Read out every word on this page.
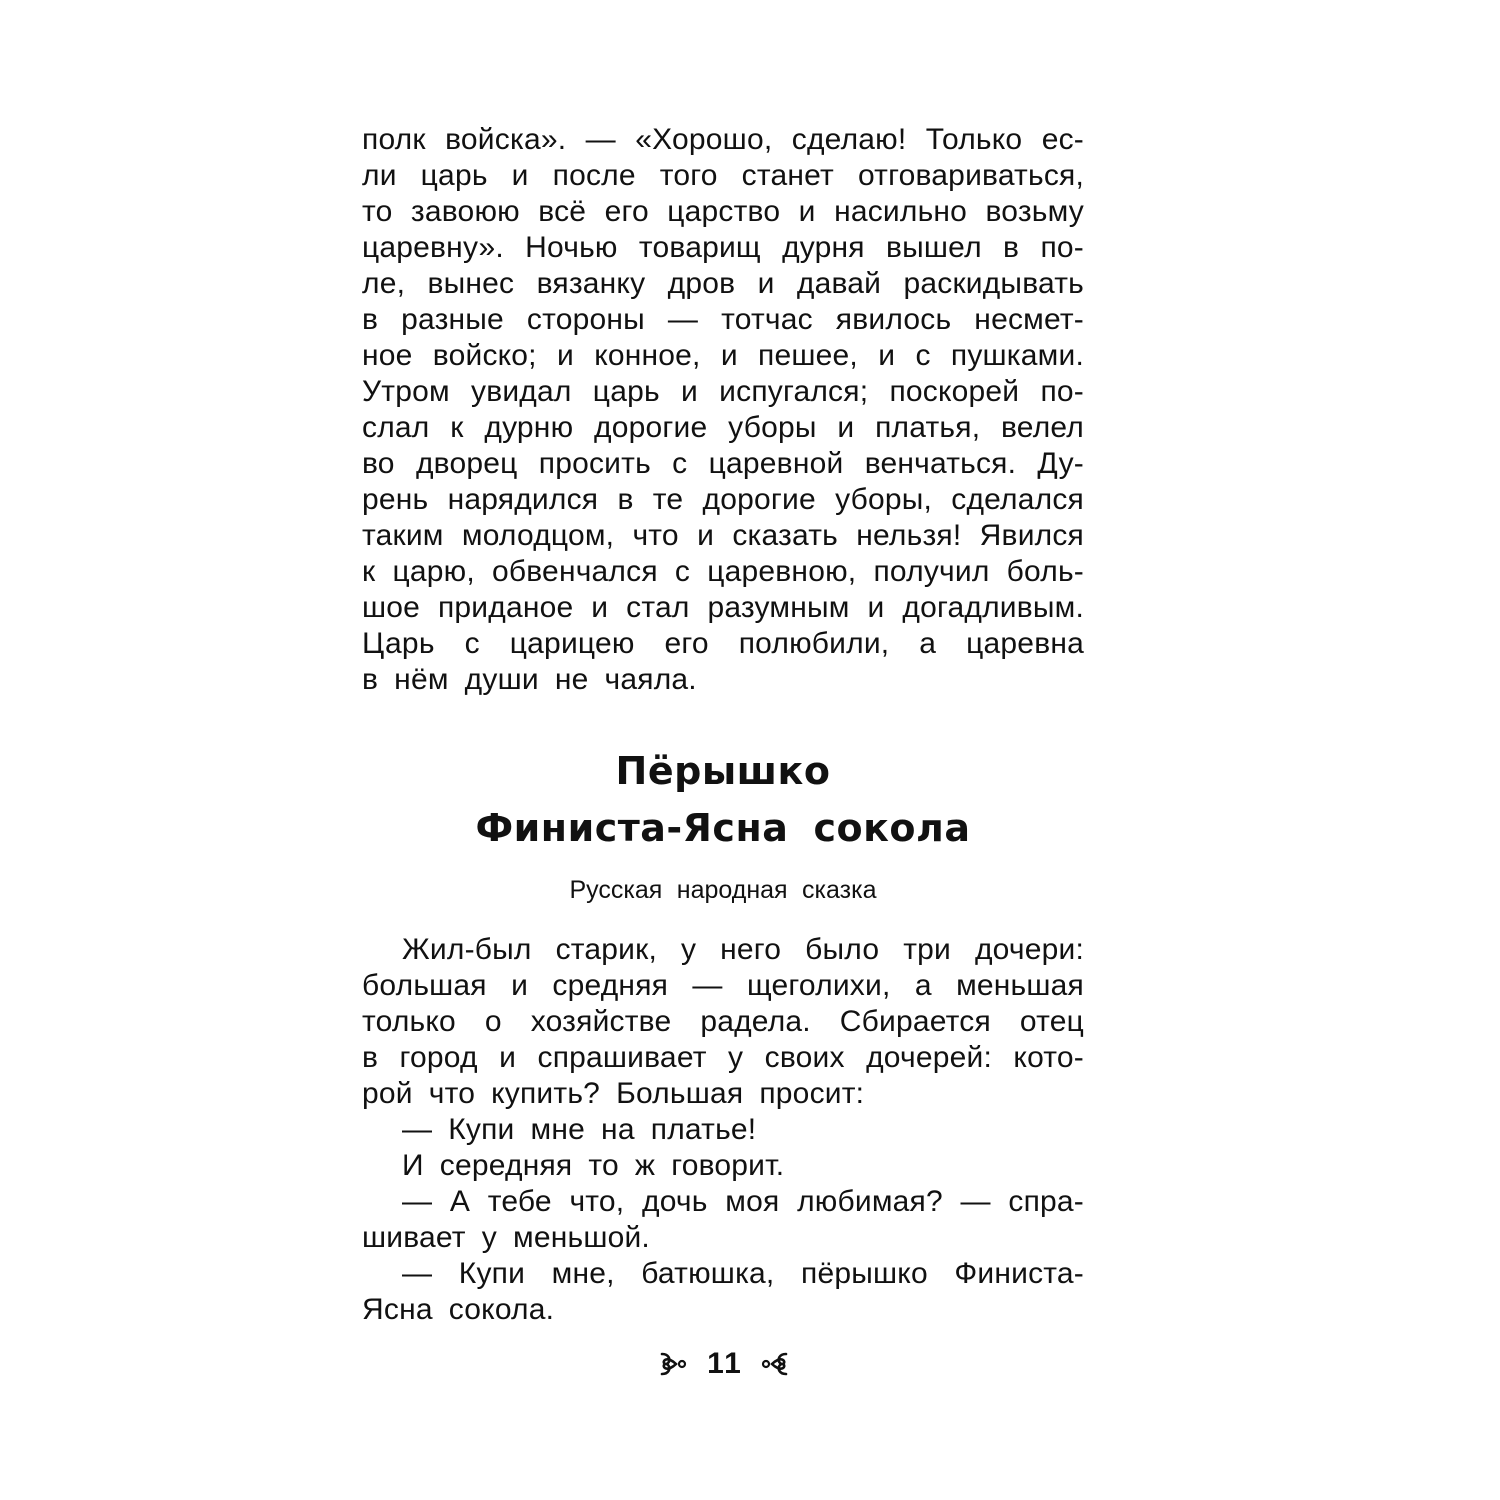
полк войска». — «Хорошо, сделаю! Только ес-
ли царь и после того станет отговариваться,
то завоюю всё его царство и насильно возьму
царевну». Ночью товарищ дурня вышел в по-
ле, вынес вязанку дров и давай раскидывать
в разные стороны — тотчас явилось несмет-
ное войско; и конное, и пешее, и с пушками.
Утром увидал царь и испугался; поскорей по-
слал к дурню дорогие уборы и платья, велел
во дворец просить с царевной венчаться. Ду-
рень нарядился в те дорогие уборы, сделался
таким молодцом, что и сказать нельзя! Явился
к царю, обвенчался с царевною, получил боль-
шое приданое и стал разумным и догадливым.
Царь с царицею его полюбили, а царевна
в нём души не чаяла.
Пёрышко
Финиста-Ясна сокола
Русская народная сказка
Жил-был старик, у него было три дочери:
большая и средняя — щеголихи, а меньшая
только о хозяйстве радела. Сбирается отец
в город и спрашивает у своих дочерей: кото-
рой что купить? Большая просит:
— Купи мне на платье!
И середняя то ж говорит.
— А тебе что, дочь моя любимая? — спра-
шивает у меньшой.
— Купи мне, батюшка, пёрышко Финиста-
Ясна сокола.
11
